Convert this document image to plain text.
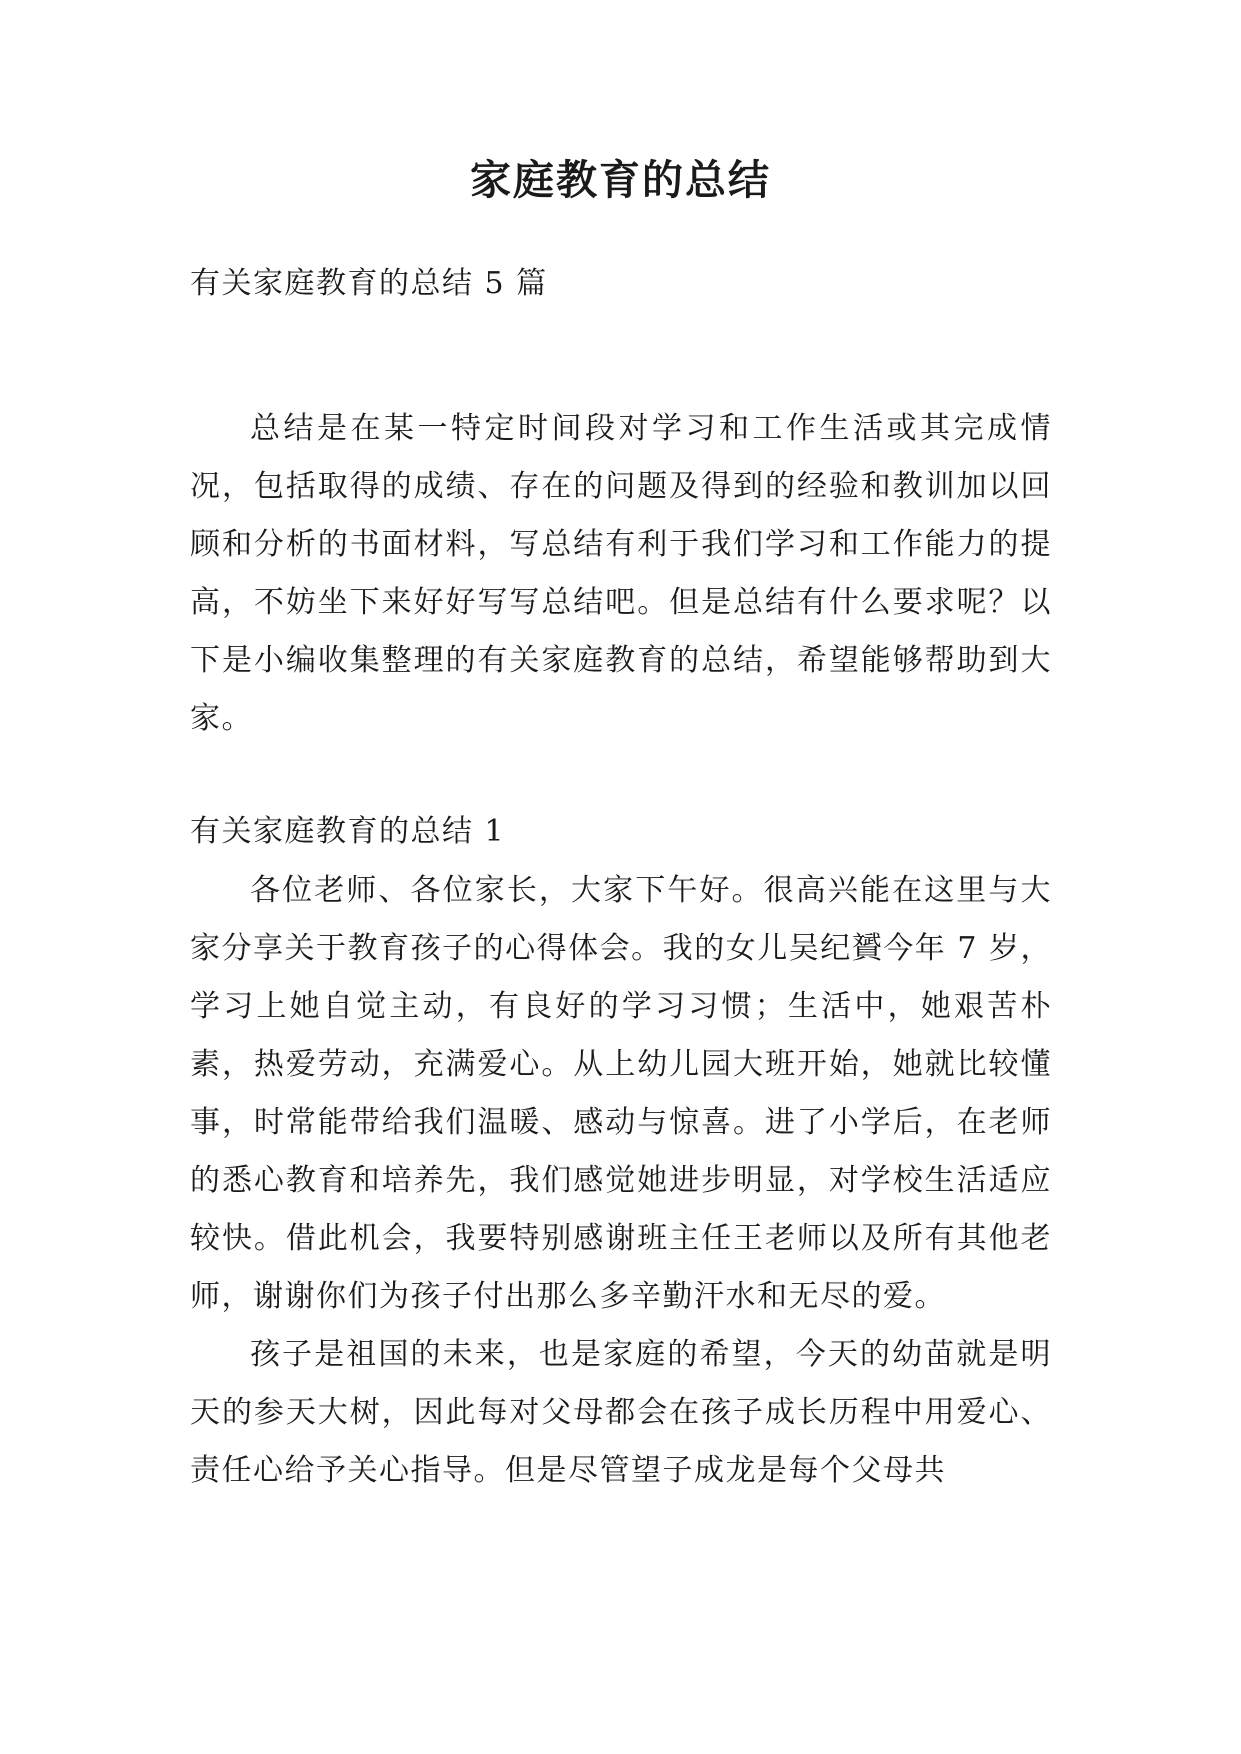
家庭教育的总结
有关家庭教育的总结 5 篇

总结是在某一特定时间段对学习和工作生活或其完成情况，包括取得的成绩、存在的问题及得到的经验和教训加以回顾和分析的书面材料，写总结有利于我们学习和工作能力的提高，不妨坐下来好好写写总结吧。但是总结有什么要求呢？以下是小编收集整理的有关家庭教育的总结，希望能够帮助到大家。

有关家庭教育的总结 1

各位老师、各位家长，大家下午好。很高兴能在这里与大家分享关于教育孩子的心得体会。我的女儿吴纪贇今年 7 岁，学习上她自觉主动，有良好的学习习惯；生活中，她艰苦朴素，热爱劳动，充满爱心。从上幼儿园大班开始，她就比较懂事，时常能带给我们温暖、感动与惊喜。进了小学后，在老师的悉心教育和培养先，我们感觉她进步明显，对学校生活适应较快。借此机会，我要特别感谢班主任王老师以及所有其他老师，谢谢你们为孩子付出那么多辛勤汗水和无尽的爱。

孩子是祖国的未来，也是家庭的希望，今天的幼苗就是明天的参天大树，因此每对父母都会在孩子成长历程中用爱心、责任心给予关心指导。但是尽管望子成龙是每个父母共
